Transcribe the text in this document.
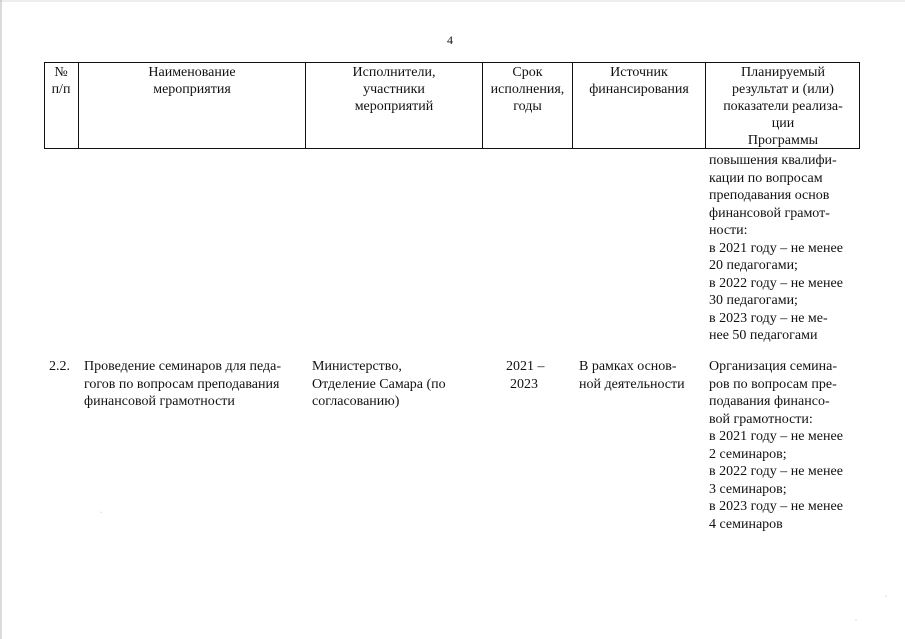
4
№
п/п
Наименование
мероприятия
Исполнители,
участники
мероприятий
Срок
исполнения,
годы
Источник
финансирования
Планируемый
результат и (или)
показатели реализа-
ции
Программы
повышения квалифи-
кации по вопросам
преподавания основ
финансовой грамот-
ности:
в 2021 году – не менее
20 педагогами;
в 2022 году – не менее
30 педагогами;
в 2023 году – не ме-
нее 50 педагогами
2.2. Проведение семинаров для педа-
гогов по вопросам преподавания
финансовой грамотности
Министерство,
Отделение Самара (по
согласованию)
2021 –
2023
В рамках основ-
ной деятельности
Организация семина-
ров по вопросам пре-
подавания финансо-
вой грамотности:
в 2021 году – не менее
2 семинаров;
в 2022 году – не менее
3 семинаров;
в 2023 году – не менее
4 семинаров
·
·
·
